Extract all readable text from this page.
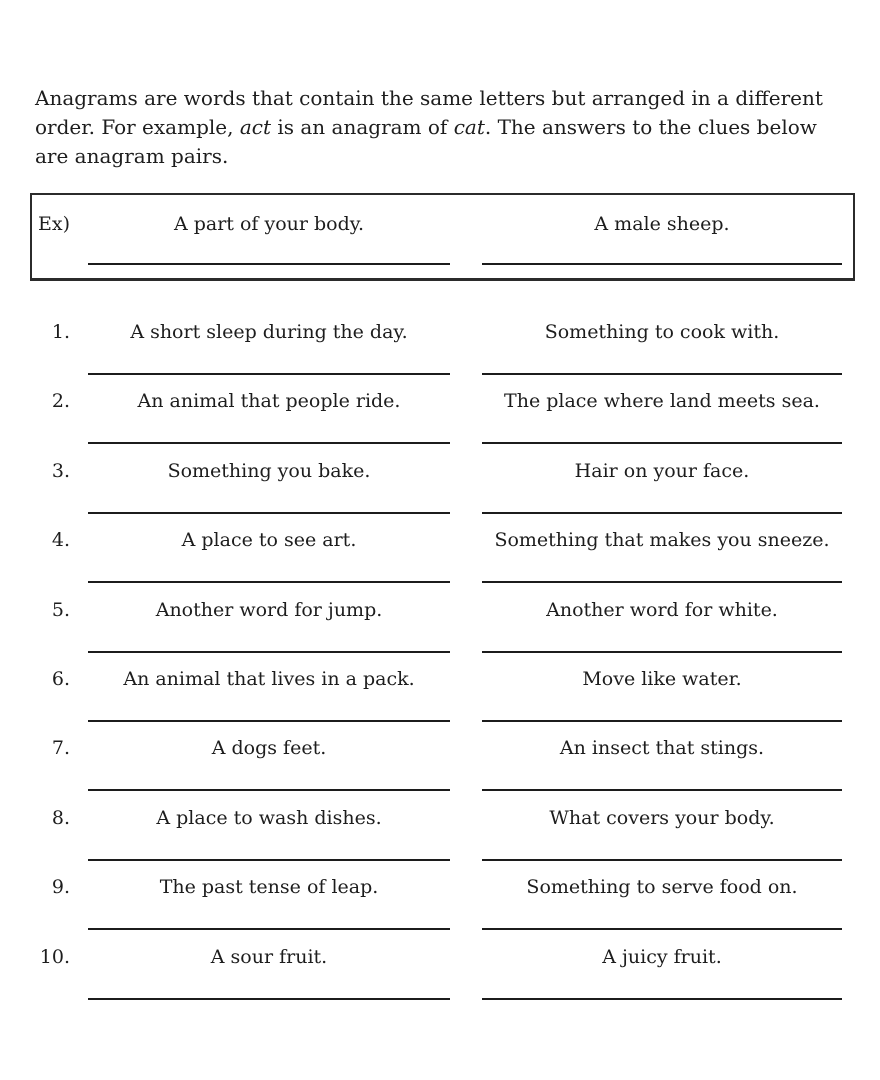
Anagrams are words that contain the same letters but arranged in a different order. For example, act is an anagram of cat. The answers to the clues below are anagram pairs.

Ex)	A part of your body.	A male sheep.
1.	A short sleep during the day.	Something to cook with.
2.	An animal that people ride.	The place where land meets sea.
3.	Something you bake.	Hair on your face.
4.	A place to see art.	Something that makes you sneeze.
5.	Another word for jump.	Another word for white.
6.	An animal that lives in a pack.	Move like water.
7.	A dogs feet.	An insect that stings.
8.	A place to wash dishes.	What covers your body.
9.	The past tense of leap.	Something to serve food on.
10.	A sour fruit.	A juicy fruit.
